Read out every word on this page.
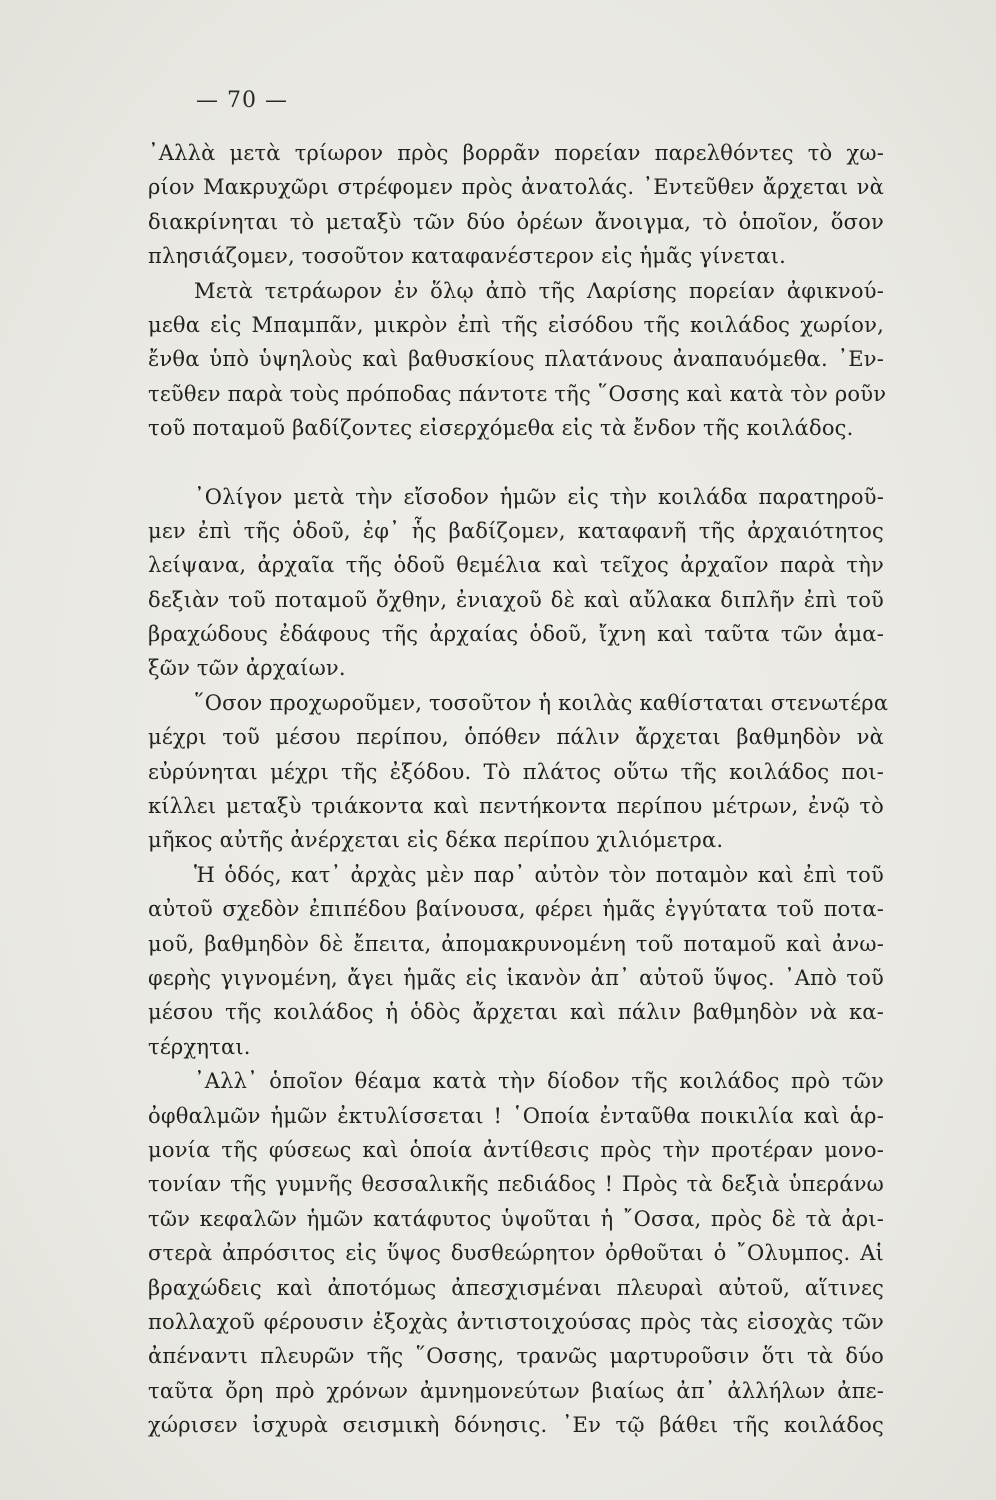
— 70 —
᾿Αλλὰ μετὰ τρίωρον πρὸς βορρᾶν πορείαν παρελθόντες τὸ χω-
ρίον Μακρυχῶρι στρέφομεν πρὸς ἀνατολάς. ᾿Εντεῦθεν ἄρχεται νὰ
διακρίνηται τὸ μεταξὺ τῶν δύο ὀρέων ἄνοιγμα, τὸ ὁποῖον, ὅσον
πλησιάζομεν, τοσοῦτον καταφανέστερον εἰς ἡμᾶς γίνεται.
Μετὰ τετράωρον ἐν ὅλῳ ἀπὸ τῆς Λαρίσης πορείαν ἀφικνού-
μεθα εἰς Μπαμπᾶν, μικρὸν ἐπὶ τῆς εἰσόδου τῆς κοιλάδος χωρίον,
ἔνθα ὑπὸ ὑψηλοὺς καὶ βαθυσκίους πλατάνους ἀναπαυόμεθα. ᾿Εν-
τεῦθεν παρὰ τοὺς πρόποδας πάντοτε τῆς ῞Οσσης καὶ κατὰ τὸν ροῦν
τοῦ ποταμοῦ βαδίζοντες εἰσερχόμεθα εἰς τὰ ἔνδον τῆς κοιλάδος.
᾿Ολίγον μετὰ τὴν εἴσοδον ἡμῶν εἰς τὴν κοιλάδα παρατηροῦ-
μεν ἐπὶ τῆς ὁδοῦ, ἐφ᾿ ἧς βαδίζομεν, καταφανῆ τῆς ἀρχαιότητος
λείψανα, ἀρχαῖα τῆς ὁδοῦ θεμέλια καὶ τεῖχος ἀρχαῖον παρὰ τὴν
δεξιὰν τοῦ ποταμοῦ ὄχθην, ἐνιαχοῦ δὲ καὶ αὔλακα διπλῆν ἐπὶ τοῦ
βραχώδους ἐδάφους τῆς ἀρχαίας ὁδοῦ, ἴχνη καὶ ταῦτα τῶν ἁμα-
ξῶν τῶν ἀρχαίων.
῞Οσον προχωροῦμεν, τοσοῦτον ἡ κοιλὰς καθίσταται στενωτέρα
μέχρι τοῦ μέσου περίπου, ὁπόθεν πάλιν ἄρχεται βαθμηδὸν νὰ
εὐρύνηται μέχρι τῆς ἐξόδου. Τὸ πλάτος οὕτω τῆς κοιλάδος ποι-
κίλλει μεταξὺ τριάκοντα καὶ πεντήκοντα περίπου μέτρων, ἐνῷ τὸ
μῆκος αὐτῆς ἀνέρχεται εἰς δέκα περίπου χιλιόμετρα.
Ἡ ὁδός, κατ᾿ ἀρχὰς μὲν παρ᾿ αὐτὸν τὸν ποταμὸν καὶ ἐπὶ τοῦ
αὐτοῦ σχεδὸν ἐπιπέδου βαίνουσα, φέρει ἡμᾶς ἐγγύτατα τοῦ ποτα-
μοῦ, βαθμηδὸν δὲ ἔπειτα, ἀπομακρυνομένη τοῦ ποταμοῦ καὶ ἀνω-
φερὴς γιγνομένη, ἄγει ἡμᾶς εἰς ἱκανὸν ἀπ᾿ αὐτοῦ ὕψος. ᾿Απὸ τοῦ
μέσου τῆς κοιλάδος ἡ ὁδὸς ἄρχεται καὶ πάλιν βαθμηδὸν νὰ κα-
τέρχηται.
᾿Αλλ᾿ ὁποῖον θέαμα κατὰ τὴν δίοδον τῆς κοιλάδος πρὸ τῶν
ὀφθαλμῶν ἡμῶν ἐκτυλίσσεται ! ῾Οποία ἐνταῦθα ποικιλία καὶ ἁρ-
μονία τῆς φύσεως καὶ ὁποία ἀντίθεσις πρὸς τὴν προτέραν μονο-
τονίαν τῆς γυμνῆς θεσσαλικῆς πεδιάδος ! Πρὸς τὰ δεξιὰ ὑπεράνω
τῶν κεφαλῶν ἡμῶν κατάφυτος ὑψοῦται ἡ ῎Οσσα, πρὸς δὲ τὰ ἀρι-
στερὰ ἀπρόσιτος εἰς ὕψος δυσθεώρητον ὀρθοῦται ὁ ῎Ολυμπος. Αἱ
βραχώδεις καὶ ἀποτόμως ἀπεσχισμέναι πλευραὶ αὐτοῦ, αἵτινες
πολλαχοῦ φέρουσιν ἐξοχὰς ἀντιστοιχούσας πρὸς τὰς εἰσοχὰς τῶν
ἀπέναντι πλευρῶν τῆς ῞Οσσης, τρανῶς μαρτυροῦσιν ὅτι τὰ δύο
ταῦτα ὄρη πρὸ χρόνων ἀμνημονεύτων βιαίως ἀπ᾿ ἀλλήλων ἀπε-
χώρισεν ἰσχυρὰ σεισμικὴ δόνησις. ᾿Εν τῷ βάθει τῆς κοιλάδος
